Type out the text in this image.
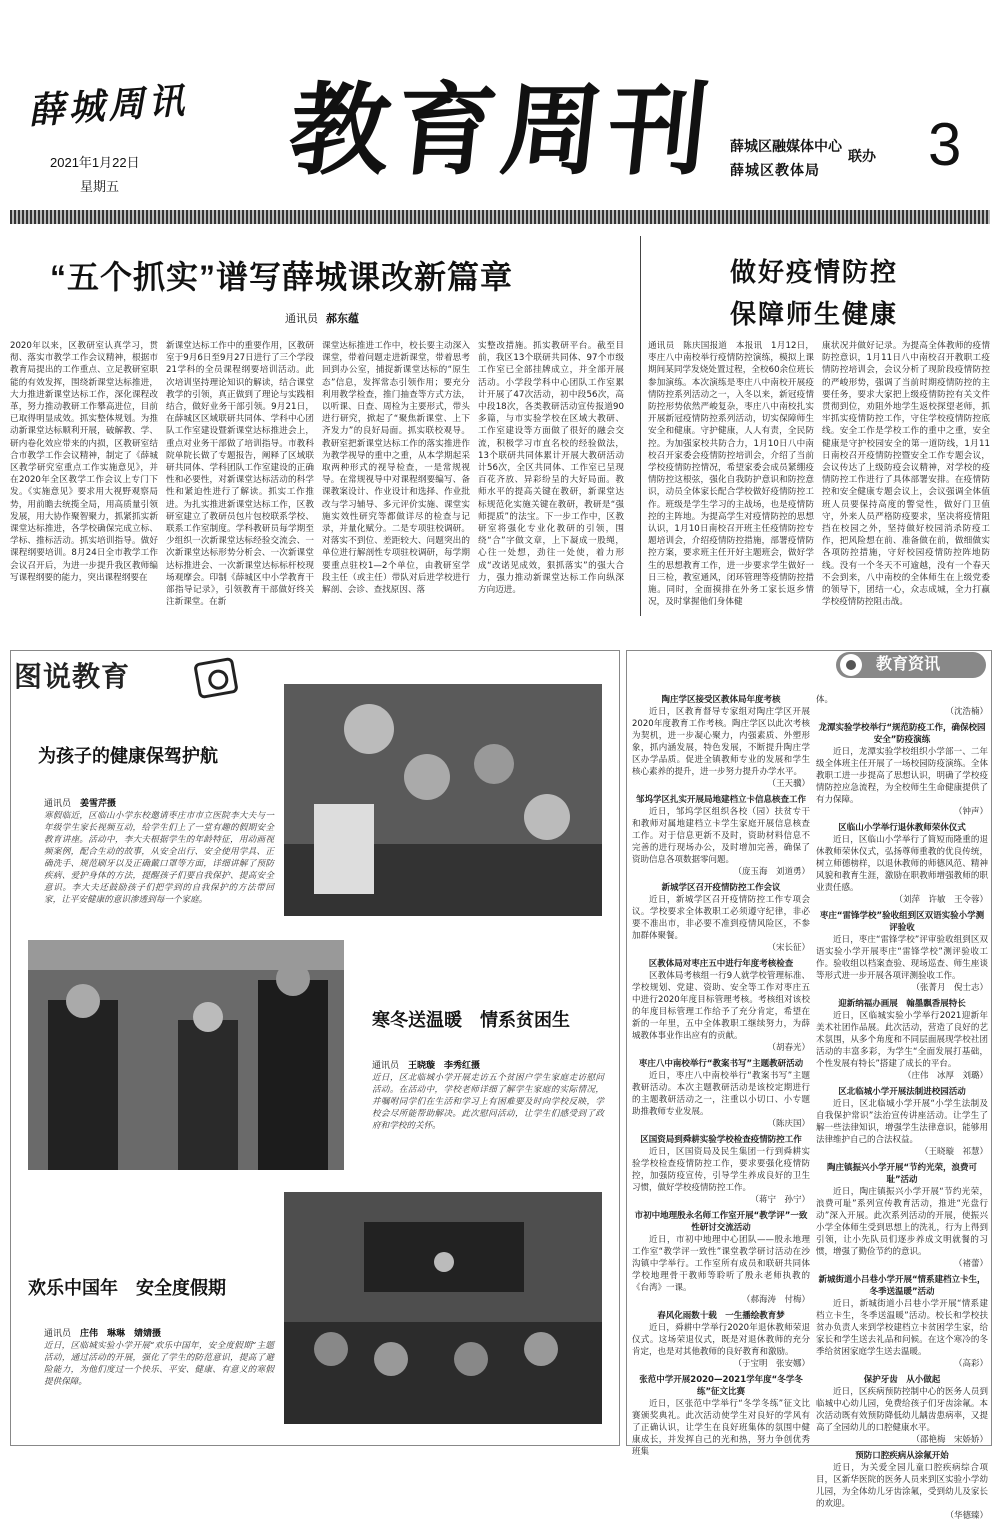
薛城周讯
2021年1月22日
星期五 教育周刊 薛城区融媒体中心
薛城区教体局
联办 3
“五个抓实”谱写薛城课改新篇章
通讯员 郝东蕴
2020年以来，区教研室认真学习，贯彻、落实市教学工作会议精神，根据市教育局提出的工作重点、立足教研室职能的有效发挥，围绕新课堂达标推进，大力推进新课堂达标工作，深化课程改革，努力推动教研工作攀高进位，目前已取得明显成效。抓实整体规划。为推动新课堂达标顺利开展，破解教、学、研内卷化效应带来的内损，区教研室结合市教学工作会议精神，制定了《薛城区教学研究室重点工作实施意见》，并在2020年全区教学工作会议上专门下发。《实施意见》要求用大视野观察局势，用前瞻去统揽全局，用高质量引领发展，用大协作聚智聚力，抓紧抓实新课堂达标推进，各学校确保完成立标、学标、推标活动。抓实培训指导。做好课程纲要培训。8月24日全市教学工作会议召开后，为进一步提升我区教师编写课程纲要的能力，突出课程纲要在
新课堂达标工作中的重要作用，区教研室于9月6日至9月27日进行了三个学段21学科的全员课程纲要培训活动。此次培训坚持理论知识的解读，结合课堂教学的引领，真正做到了理论与实践相结合，做好业务干部引领。9月21日，在薛城区区域联研共同体、学科中心团队工作室建设暨新课堂达标推进会上，重点对业务干部做了培训指导。市教科院单院长做了专题报告，阐释了区域联研共同体、学科团队工作室建设的正确性和必要性，对新课堂达标活动的科学性和紧迫性进行了解读。抓实工作推进。为扎实推进新课堂达标工作，区教研室建立了教研员包片包校联系学校、联系工作室制度。学科教研员每学期至少组织一次新课堂达标经验交流会、一次新课堂达标形势分析会、一次新课堂达标推进会、一次新课堂达标标杆校现场观摩会。印制《薛城区中小学教育干部指导记录》，引领教育干部做好终关注新课堂。在新
课堂达标推进工作中，校长要主动深入课堂，带着问题走进新课堂，带着思考回到办公室，捕捉新课堂达标的“原生态”信息，发挥常态引领作用；要充分利用教学检查，推门抽查等方式方法，以听课、日查、周检为主要形式，带头进行研究，掀起了“聚焦新课堂、上下齐发力”的良好局面。抓实联校观导。教研室把新课堂达标工作的落实推进作为教学视导的重中之重，从本学期起采取两种形式的视导检查，一是常规视导。在常规视导中对课程纲要编写、备课教案设计、作业设计和选择、作业批改与学习辅导、多元评价实施、课堂实施实效性研究等都做详尽的检查与记录，并量化赋分。二是专项驻校调研。对落实不到位、差距较大、问题突出的单位进行解剖性专项驻校调研，每学期要重点驻校1—2个单位，由教研室学段主任（或主任）带队对后进学校进行解剖、会诊、查找原因、落
实整改措施。抓实教研平台。截至目前，我区13个联研共同体、97个市级工作室已全部挂牌成立，并全部开展活动。小学段学科中心团队工作室累计开展了47次活动，初中段56次，高中段18次，各类教研活动宣传报道90多篇，与市实验学校在区域大教研、工作室建设等方面做了很好的融会交流，积极学习市直名校的经验做法，13个联研共同体累计开展大教研活动计56次，全区共同体、工作室已呈现百花齐放、异彩纷呈的大好局面。教师水平的提高关键在教研，新课堂达标规范化实施关键在教研，教研是“强师提质”的法宝。下一步工作中，区教研室将强化专业化教研的引领，围绕“合”字做文章，上下凝成一股绳，心往一处想，劲往一处使，着力形成“改诺见成效，狠抓落实”的强大合力，强力推动新课堂达标工作向纵深方向迈进。
做好疫情防控
保障师生健康
通讯员　陈庆国报道　本报讯　1月12日，枣庄八中南校举行疫情防控演练，模拟上课期间某同学发烧处置过程，全校60余位班长参加演练。本次演练是枣庄八中南校开展疫情防控系列活动之一，入冬以来，新冠疫情防控形势依然严峻复杂，枣庄八中南校扎实开展新冠疫情防控系列活动，切实保障师生安全和健康。守护健康，人人有责，全民防控。为加强家校共防合力，1月10日八中南校召开家委会疫情防控培训会，介绍了当前学校疫情防控情况，希望家委会成员紧绷疫情防控这根弦，强化自我防护意识和防控意识，动员全体家长配合学校做好疫情防控工作。班级是学生学习的主战场，也是疫情防控的主阵地。为提高学生对疫情防控的思想认识，1月10日南校召开班主任疫情防控专题培训会，介绍疫情防控措施，部署疫情防控方案，要求班主任开好主题班会，做好学生的思想教育工作，进一步要求学生做好一日三检，教室通风，闭环管理等疫情防控措施。同时，全面摸排在外务工家长返乡情况，及时掌握他们身体健
康状况并做好记录。为提高全体教师的疫情防控意识，1月11日八中南校召开教职工疫情防控培训会，会议分析了现阶段疫情防控的严峻形势，强调了当前时期疫情防控的主要任务，要求大家把上级疫情防控有关文件贯彻到位，劝阻外地学生返校探望老师，抓牢抓实疫情防控工作，守住学校疫情防控底线。安全工作是学校工作的重中之重，安全健康是守护校园安全的第一道防线，1月11日南校召开疫情防控暨安全工作专题会议，会议传达了上级防疫会议精神，对学校的疫情防控工作进行了具体部署安排。在疫情防控和安全健康专题会议上，会议强调全体值班人员要保持高度的警觉性，做好门卫值守，外来人员严格防疫要求，坚决将疫情阻挡在校园之外，坚持做好校园消杀防疫工作，把风险想在前、准备做在前，做细做实各项防控措施，守好校园疫情防控阵地防线。没有一个冬天不可逾越，没有一个春天不会到来，八中南校的全体师生在上级党委的领导下，团结一心，众志成城，全力打赢学校疫情防控阻击战。
图说教育
为孩子的健康保驾护航
通讯员　 姜雪芹摄
寒假临近，区临山小学东校邀请枣庄市市立医院李大夫与一年级学生家长视频互动，给学生们上了一堂有趣的假期安全教育讲座。活动中，李大夫根据学生的年龄特征，用动画视频案例，配合生动的故事，从安全出行、安全使用学具、正确洗手、规范刷牙以及正确戴口罩等方面，详细讲解了预防疾病、爱护身体的方法，提醒孩子们要自我保护、提高安全意识。李大夫还鼓励孩子们把学到的自我保护的方法带回家，让平安健康的意识渗透到每一个家庭。
寒冬送温暖　情系贫困生
通讯员　 王晓璇　李秀红摄
近日，区北临城小学开展走访五个贫困户学生家庭走访慰问活动。在活动中，学校老师详细了解学生家庭的实际情况，并嘱咐同学们在生活和学习上有困难要及时向学校反映，学校会尽所能帮助解决。此次慰问活动，让学生们感受到了政府和学校的关怀。
欢乐中国年　安全度假期
通讯员　 庄伟　琳琳　婧婧摄
近日，区临城实验小学开展“欢乐中国年，安全度假期”主题活动，通过活动的开展，强化了学生的防范意识，提高了避险能力，为他们度过一个快乐、平安、健康、有意义的寒假提供保障。
教育资讯
陶庄学区接受区教体局年度考核
近日，区教育督导专家组对陶庄学区开展2020年度教育工作考核。陶庄学区以此次考核为契机，进一步凝心聚力，内强素质、外塑形象，抓内涵发展，特色发展，不断提升陶庄学区办学品质。促进全镇教师专业的发展和学生核心素养的提升，进一步努力提升办学水平。
（王天骥）
邹坞学区扎实开展局地建档立卡信息核查工作
近日，邹坞学区组织各校（园）扶贫专干和教师对属地建档立卡学生家庭开展信息核查工作。对于信息更新不及时，资助材料信息不完善的进行现场办公，及时增加完善，确保了资助信息各项数据零问题。
（庞玉海　刘道勇）
新城学区召开疫情防控工作会议
近日，新城学区召开疫情防控工作专项会议。学校要求全体教职工必须遵守纪律，非必要不准出市，非必要不准到疫情风险区，不参加群体聚餐。
（宋长征）
区教体局对枣庄五中进行年度考核检查
区教体局考核组一行9人就学校管理标准、学校规划、党建、资助、安全等工作对枣庄五中进行2020年度目标管理考核。考核组对该校的年度目标管理工作给予了充分肯定，希望在新的一年里，五中全体教职工继续努力，为薛城教体事业作出应有的贡献。
（胡春光）
枣庄八中南校举行“教案书写”主题教研活动
近日，枣庄八中南校举行“教案书写”主题教研活动。本次主题教研活动是该校定期进行的主题教研活动之一，注重以小切口、小专题助推教师专业发展。
（陈庆国）
区国资局到舜耕实验学校检查疫情防控工作
近日，区国资局及民生集团一行到舜耕实验学校检查疫情防控工作，要求要强化疫情防控，加强防疫宣传，引导学生养成良好的卫生习惯，做好学校疫情防控工作。
（蒋宁　孙宁）
市初中地理殷永名师工作室开展“教学评”一致性研讨交流活动
近日，市初中地理中心团队——殷永地理工作室“教学评一致性”课堂教学研讨活动在沙沟镇中学举行。工作室所有成员和联研共同体学校地理骨干教师等聆听了殷永老师执教的《台湾》一课。
（郝海涛　付梅）
舂风化雨数十载　一生播绘教育梦
近日，舜耕中学举行2020年退休教师荣退仪式。这场荣退仪式，既是对退休教师的充分肯定，也是对其他教师的良好教育和激励。
（于宝明　张安娜）
张范中学开展2020—2021学年度“冬学冬练”征文比赛
近日，区张范中学举行“冬学冬练”征文比赛颁奖典礼。此次活动使学生对良好的学风有了正确认识，让学生在良好班集体的氛围中健康成长，并发挥自己的光和热，努力争创优秀班集
体。
（沈浩楠）
龙潭实验学校举行“规范防疫工作，确保校园安全”防疫演练
近日，龙潭实验学校组织小学部一、二年级全体班主任开展了一场校园防疫演练。全体教职工进一步提高了思想认识，明确了学校疫情防控应急流程，为全校师生生命健康提供了有力保障。
（钟声）
区临山小学举行退休教师荣休仪式
近日，区临山小学举行了简短而隆重的退休教师荣休仪式，弘扬尊师重教的优良传统，树立师德榜样，以退休教师的师德风范、精神风貌和教育生涯，激励在职教师增强教师的职业责任感。
（刘萍　许敏　王令蓉）
枣庄“雷锋学校”验收组到区双语实验小学测评验收
近日，枣庄“雷锋学校”评审验收组到区双语实验小学开展枣庄“雷锋学校”测评验收工作。验收组以档案查验、现场巡查、师生座谈等形式进一步开展各项评测验收工作。
（张菁月　倪士志）
迎新纳福办画展　翰墨飘香展特长
近日，区临城实验小学举行2021迎新年美术社团作品展。此次活动，营造了良好的艺术氛围，从多个角度和不同层面展现学校社团活动的丰富多彩，为学生“全面发展打基础，个性发展有特长”搭建了成长的平台。
（庄伟　冰厚　刘璐）
区北临城小学开展法制进校园活动
近日，区北临城小学开展“小学生法制及自我保护常识”法治宣传讲座活动。让学生了解一些法律知识，增强学生法律意识，能够用法律维护自己的合法权益。
（王晓璇　祁慧）
陶庄镇振兴小学开展“节约光荣，浪费可耻”活动
近日，陶庄镇振兴小学开展“节约光荣，浪费可耻”系列宣传教育活动，推进“光盘行动”深入开展。此次系列活动的开展，使振兴小学全体师生受到思想上的洗礼，行为上得到引领，让小先队员们逐步养成文明就餐的习惯，增强了勤俭节约的意识。
（褚蕾）
新城街道小吕巷小学开展“情系建档立卡生，冬季送温暖”活动
近日，新城街道小吕巷小学开展“情系建档立卡生，冬季送温暖”活动。校长和学校扶贫办负责人来到学校建档立卡贫困学生家，给家长和学生送去礼品和问候。在这个寒冷的冬季给贫困家庭学生送去温暖。
（高彩）
保护牙齿　从小做起
近日，区疾病预防控制中心的医务人员到临城中心幼儿园，免费给孩子们牙齿涂氟。本次活动既有效预防降低幼儿龋齿患病率，又提高了全园幼儿的口腔健康水平。
（邵艳梅　宋娇娇）
预防口腔疾病从涂氟开始
近日，为关爱全园儿童口腔疾病综合项目，区新华医院的医务人员来到区实验小学幼儿园，为全体幼儿牙齿涂氟，受到幼儿及家长的欢迎。
（华德臻）
